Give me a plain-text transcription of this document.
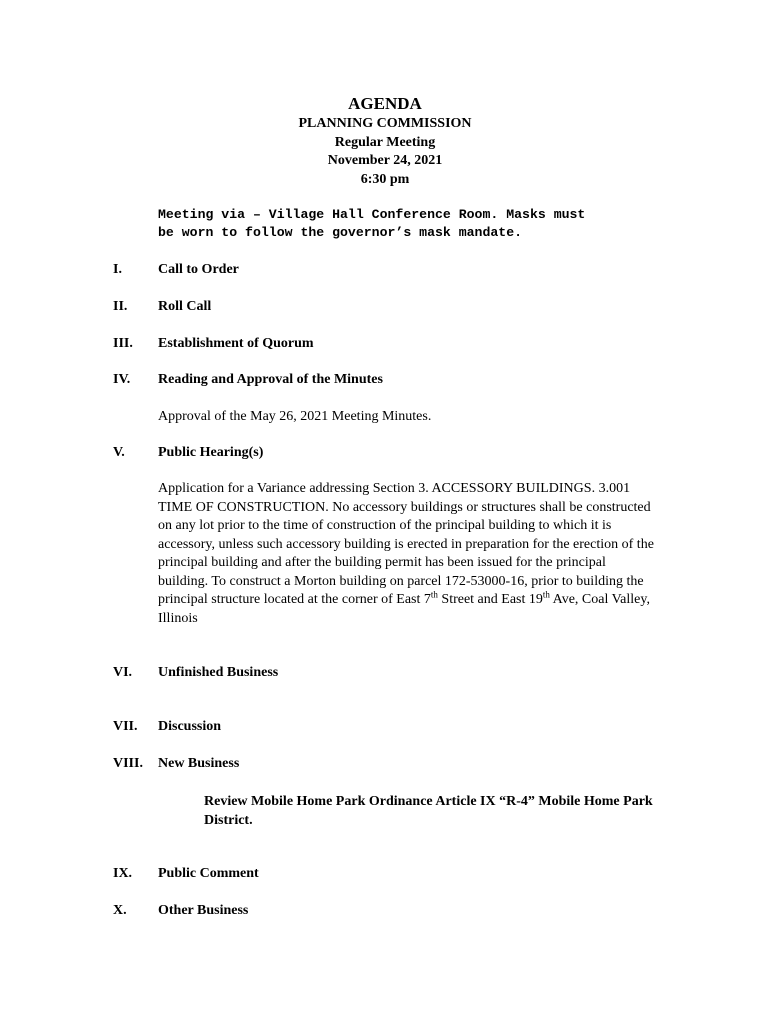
AGENDA
PLANNING COMMISSION
Regular Meeting
November 24, 2021
6:30 pm
Meeting via – Village Hall Conference Room. Masks must
be worn to follow the governor’s mask mandate.
I.	Call to Order
II. Roll Call
III. Establishment of Quorum
IV. Reading and Approval of the Minutes
Approval of the May 26, 2021 Meeting Minutes.
V. Public Hearing(s)
Application for a Variance addressing Section 3. ACCESSORY BUILDINGS. 3.001 TIME OF CONSTRUCTION. No accessory buildings or structures shall be constructed on any lot prior to the time of construction of the principal building to which it is accessory, unless such accessory building is erected in preparation for the erection of the principal building and after the building permit has been issued for the principal building. To construct a Morton building on parcel 172-53000-16, prior to building the principal structure located at the corner of East 7th Street and East 19th Ave, Coal Valley, Illinois
VI. Unfinished Business
VII. Discussion
VIII. New Business
Review Mobile Home Park Ordinance Article IX “R-4” Mobile Home Park District.
IX. Public Comment
X. Other Business
